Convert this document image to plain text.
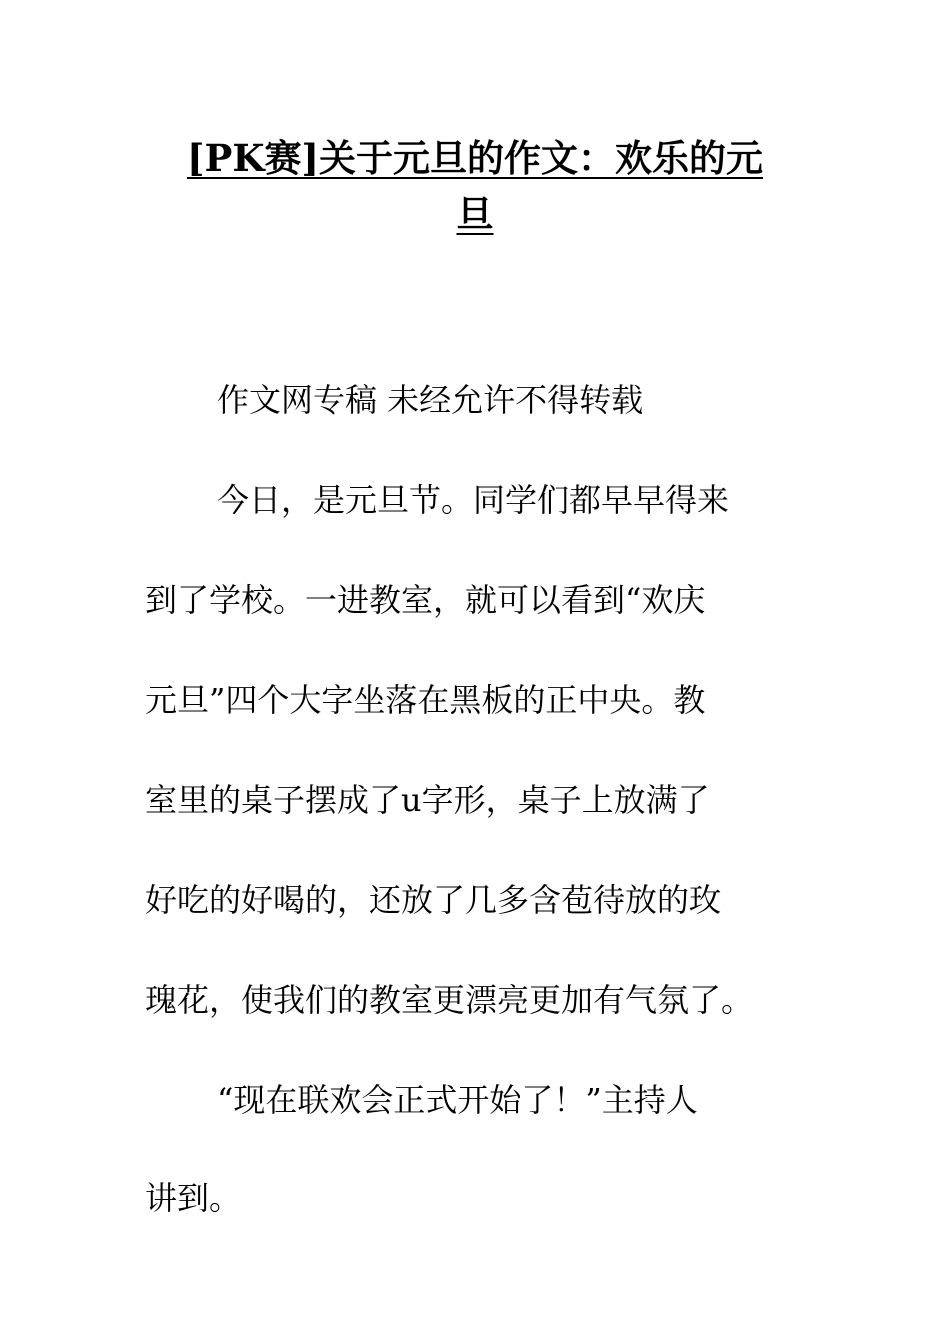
[PK赛]关于元旦的作文：欢乐的元
旦

作文网专稿 未经允许不得转载

今日，是元旦节。同学们都早早得来

到了学校。一进教室，就可以看到“欢庆

元旦”四个大字坐落在黑板的正中央。教

室里的桌子摆成了u字形，桌子上放满了

好吃的好喝的，还放了几多含苞待放的玫

瑰花，使我们的教室更漂亮更加有气氛了。

“现在联欢会正式开始了！”主持人

讲到。
